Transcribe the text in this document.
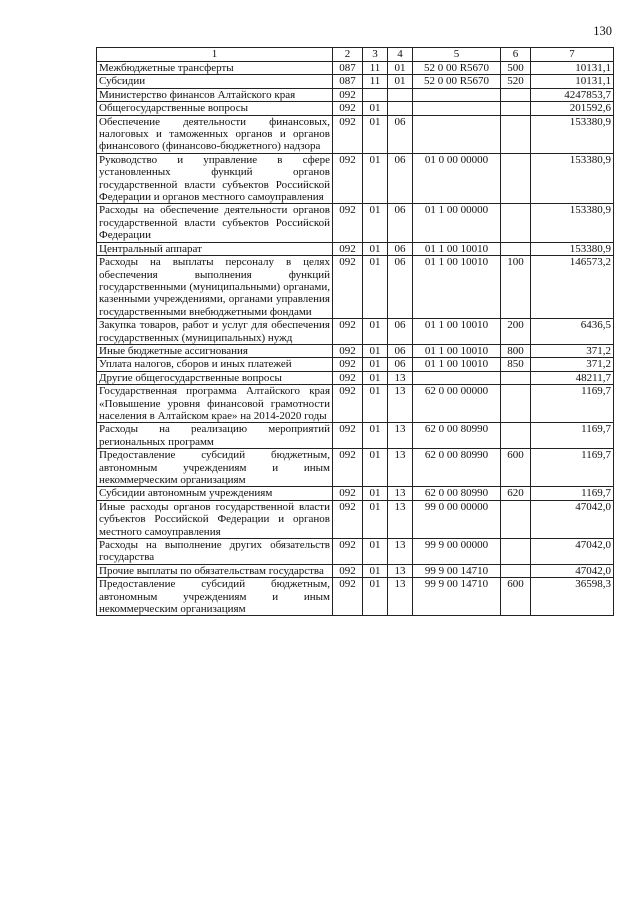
130
1	2	3	4	5	6	7
Межбюджетные трансферты	087	11	01	52 0 00 R5670	500	10131,1
Субсидии	087	11	01	52 0 00 R5670	520	10131,1
Министерство финансов Алтайского края	092					4247853,7
Общегосударственные вопросы	092	01				201592,6
Обеспечение деятельности финансовых, налоговых и таможенных органов и органов финансового (финансово-бюджетного) надзора	092	01	06			153380,9
Руководство и управление в сфере установленных функций органов государственной власти субъектов Российской Федерации и органов местного самоуправления	092	01	06	01 0 00 00000		153380,9
Расходы на обеспечение деятельности органов государственной власти субъектов Российской Федерации	092	01	06	01 1 00 00000		153380,9
Центральный аппарат	092	01	06	01 1 00 10010		153380,9
Расходы на выплаты персоналу в целях обеспечения выполнения функций государственными (муниципальными) органами, казенными учреждениями, органами управления государственными внебюджетными фондами	092	01	06	01 1 00 10010	100	146573,2
Закупка товаров, работ и услуг для обеспечения государственных (муниципальных) нужд	092	01	06	01 1 00 10010	200	6436,5
Иные бюджетные ассигнования	092	01	06	01 1 00 10010	800	371,2
Уплата налогов, сборов и иных платежей	092	01	06	01 1 00 10010	850	371,2
Другие общегосударственные вопросы	092	01	13			48211,7
Государственная программа Алтайского края «Повышение уровня финансовой грамотности населения в Алтайском крае» на 2014-2020 годы	092	01	13	62 0 00 00000		1169,7
Расходы на реализацию мероприятий региональных программ	092	01	13	62 0 00 80990		1169,7
Предоставление субсидий бюджетным, автономным учреждениям и иным некоммерческим организациям	092	01	13	62 0 00 80990	600	1169,7
Субсидии автономным учреждениям	092	01	13	62 0 00 80990	620	1169,7
Иные расходы органов государственной власти субъектов Российской Федерации и органов местного самоуправления	092	01	13	99 0 00 00000		47042,0
Расходы на выполнение других обязательств государства	092	01	13	99 9 00 00000		47042,0
Прочие выплаты по обязательствам государства	092	01	13	99 9 00 14710		47042,0
Предоставление субсидий бюджетным, автономным учреждениям и иным некоммерческим организациям	092	01	13	99 9 00 14710	600	36598,3
